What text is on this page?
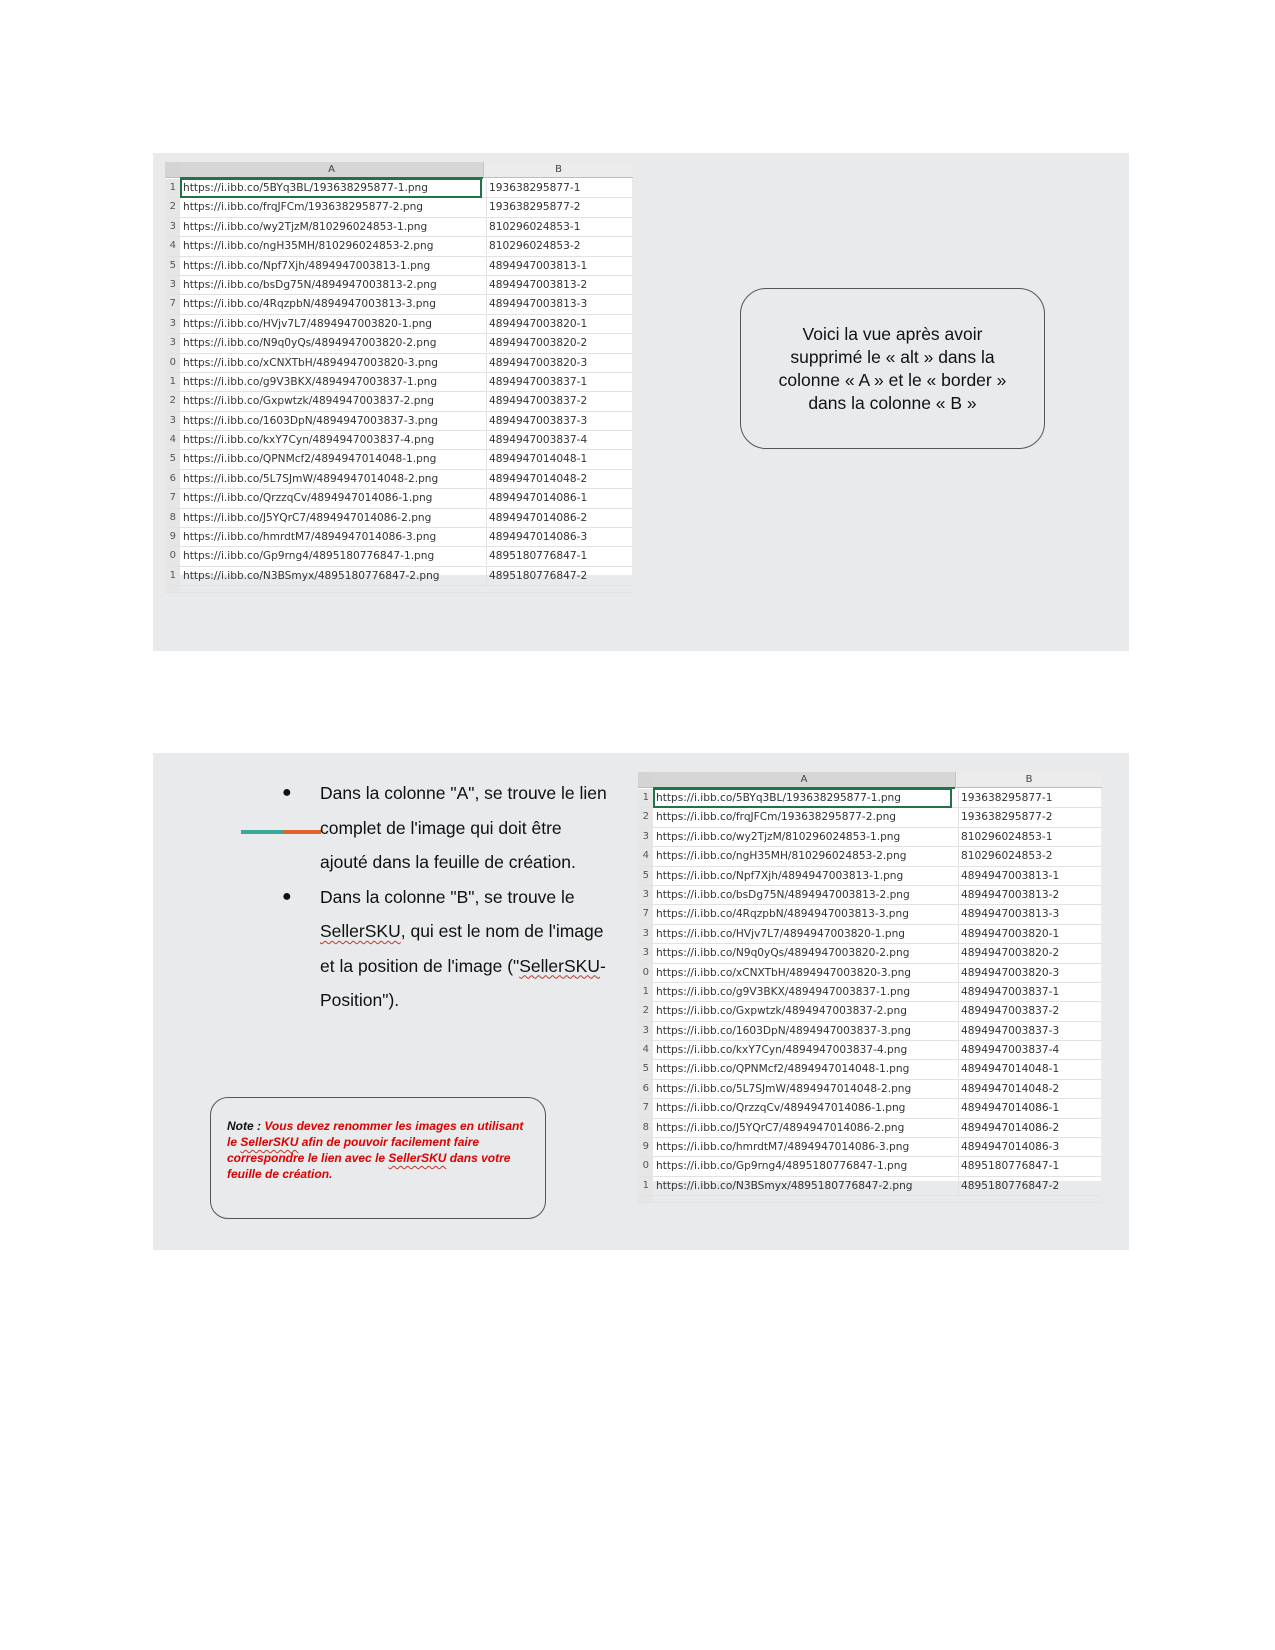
A	B
1 https://i.ibb.co/5BYq3BL/193638295877-1.png	193638295877-1
2 https://i.ibb.co/frqJFCm/193638295877-2.png	193638295877-2
3 https://i.ibb.co/wy2TjzM/810296024853-1.png	810296024853-1
4 https://i.ibb.co/ngH35MH/810296024853-2.png	810296024853-2
5 https://i.ibb.co/Npf7Xjh/4894947003813-1.png	4894947003813-1
3 https://i.ibb.co/bsDg75N/4894947003813-2.png	4894947003813-2
7 https://i.ibb.co/4RqzpbN/4894947003813-3.png	4894947003813-3
3 https://i.ibb.co/HVjv7L7/4894947003820-1.png	4894947003820-1
3 https://i.ibb.co/N9q0yQs/4894947003820-2.png	4894947003820-2
0 https://i.ibb.co/xCNXTbH/4894947003820-3.png	4894947003820-3
1 https://i.ibb.co/g9V3BKX/4894947003837-1.png	4894947003837-1
2 https://i.ibb.co/Gxpwtzk/4894947003837-2.png	4894947003837-2
3 https://i.ibb.co/1603DpN/4894947003837-3.png	4894947003837-3
4 https://i.ibb.co/kxY7Cyn/4894947003837-4.png	4894947003837-4
5 https://i.ibb.co/QPNMcf2/4894947014048-1.png	4894947014048-1
6 https://i.ibb.co/5L7SJmW/4894947014048-2.png	4894947014048-2
7 https://i.ibb.co/QrzzqCv/4894947014086-1.png	4894947014086-1
8 https://i.ibb.co/J5YQrC7/4894947014086-2.png	4894947014086-2
9 https://i.ibb.co/hmrdtM7/4894947014086-3.png	4894947014086-3
0 https://i.ibb.co/Gp9rng4/4895180776847-1.png	4895180776847-1
1 https://i.ibb.co/N3BSmyx/4895180776847-2.png	4895180776847-2

Voici la vue après avoir supprimé le « alt » dans la colonne « A » et le « border » dans la colonne « B »

● Dans la colonne "A", se trouve le lien complet de l'image qui doit être ajouté dans la feuille de création.
● Dans la colonne "B", se trouve le SellerSKU, qui est le nom de l'image et la position de l'image ("SellerSKU-Position").

Note : Vous devez renommer les images en utilisant le SellerSKU afin de pouvoir facilement faire correspondre le lien avec le SellerSKU dans votre feuille de création.

A	B
1 https://i.ibb.co/5BYq3BL/193638295877-1.png	193638295877-1
2 https://i.ibb.co/frqJFCm/193638295877-2.png	193638295877-2
3 https://i.ibb.co/wy2TjzM/810296024853-1.png	810296024853-1
4 https://i.ibb.co/ngH35MH/810296024853-2.png	810296024853-2
5 https://i.ibb.co/Npf7Xjh/4894947003813-1.png	4894947003813-1
3 https://i.ibb.co/bsDg75N/4894947003813-2.png	4894947003813-2
7 https://i.ibb.co/4RqzpbN/4894947003813-3.png	4894947003813-3
3 https://i.ibb.co/HVjv7L7/4894947003820-1.png	4894947003820-1
3 https://i.ibb.co/N9q0yQs/4894947003820-2.png	4894947003820-2
0 https://i.ibb.co/xCNXTbH/4894947003820-3.png	4894947003820-3
1 https://i.ibb.co/g9V3BKX/4894947003837-1.png	4894947003837-1
2 https://i.ibb.co/Gxpwtzk/4894947003837-2.png	4894947003837-2
3 https://i.ibb.co/1603DpN/4894947003837-3.png	4894947003837-3
4 https://i.ibb.co/kxY7Cyn/4894947003837-4.png	4894947003837-4
5 https://i.ibb.co/QPNMcf2/4894947014048-1.png	4894947014048-1
6 https://i.ibb.co/5L7SJmW/4894947014048-2.png	4894947014048-2
7 https://i.ibb.co/QrzzqCv/4894947014086-1.png	4894947014086-1
8 https://i.ibb.co/J5YQrC7/4894947014086-2.png	4894947014086-2
9 https://i.ibb.co/hmrdtM7/4894947014086-3.png	4894947014086-3
0 https://i.ibb.co/Gp9rng4/4895180776847-1.png	4895180776847-1
1 https://i.ibb.co/N3BSmyx/4895180776847-2.png	4895180776847-2
